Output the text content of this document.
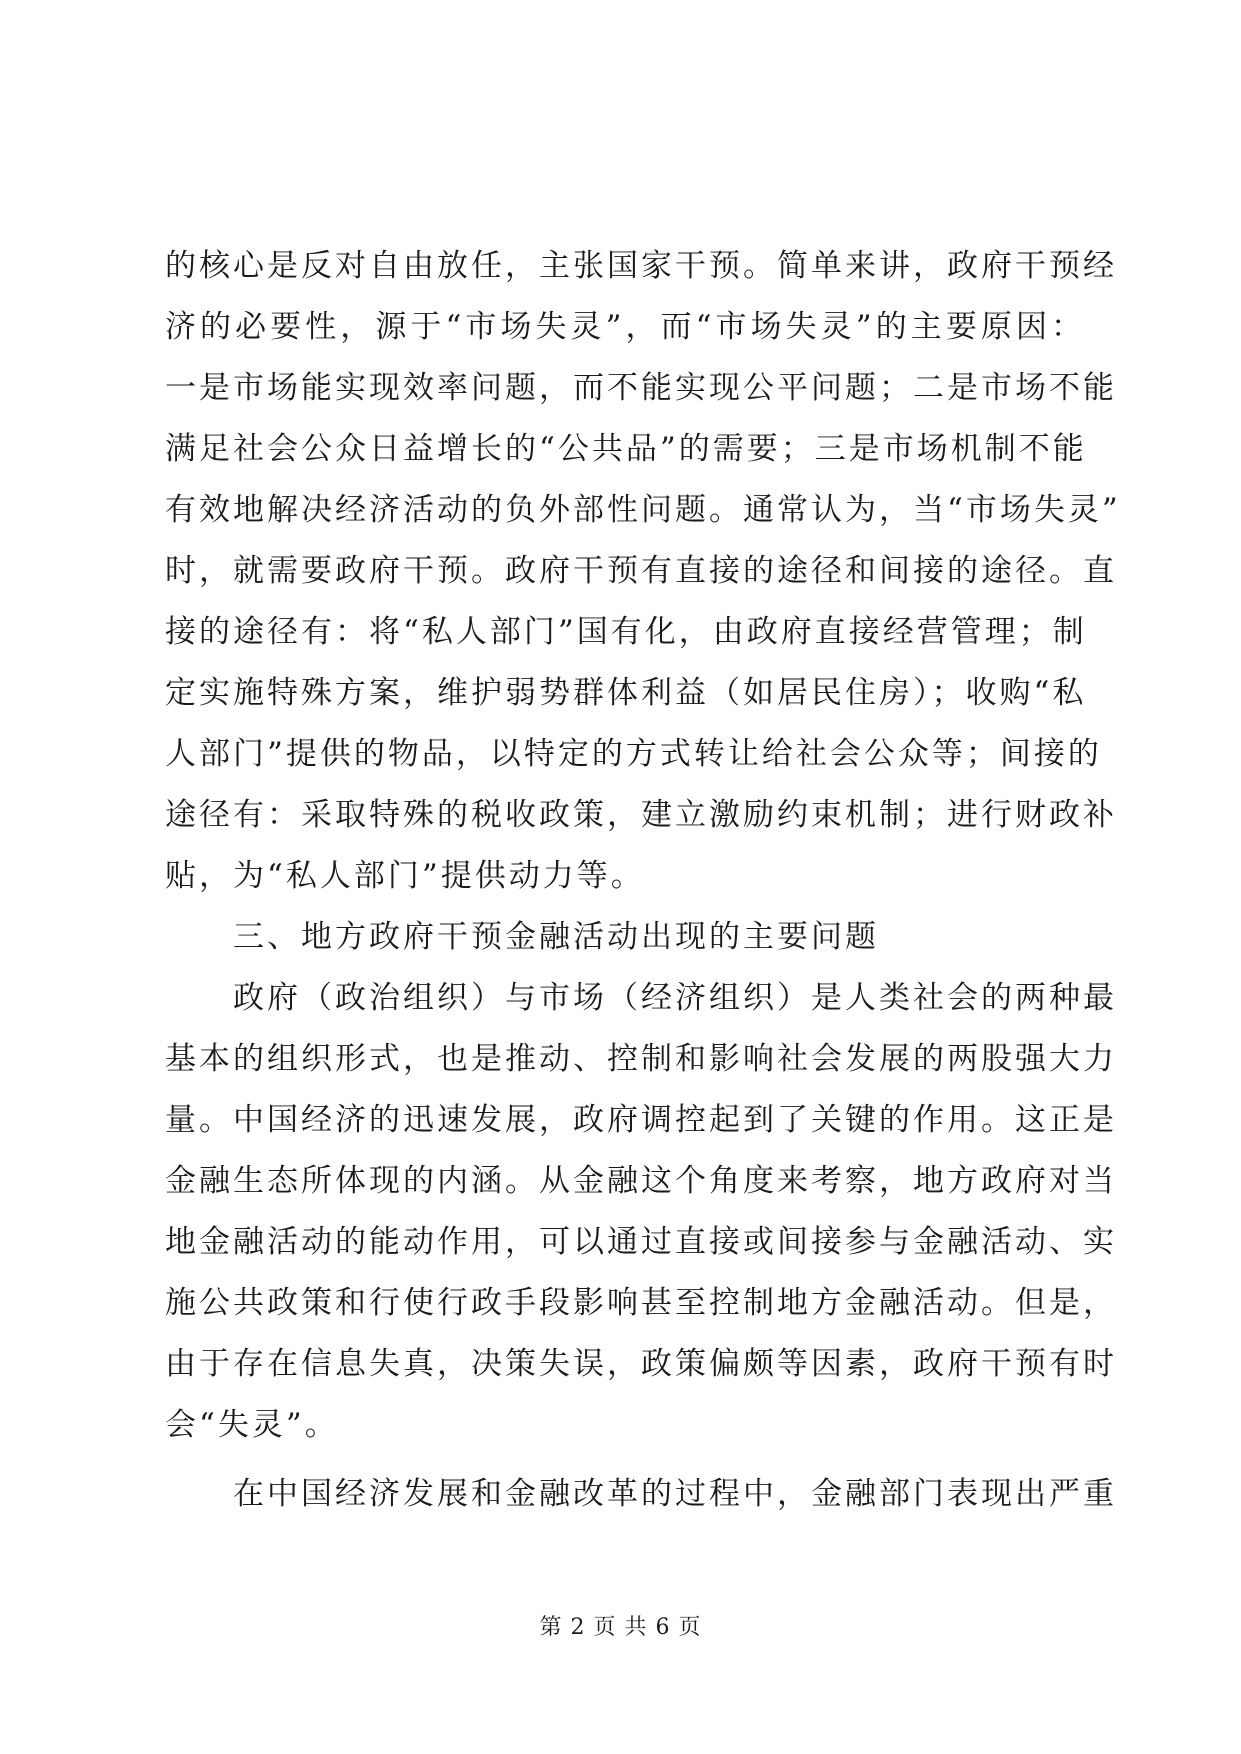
的核心是反对自由放任，主张国家干预。简单来讲，政府干预经
济的必要性，源于“市场失灵”，而“市场失灵”的主要原因：
一是市场能实现效率问题，而不能实现公平问题；二是市场不能
满足社会公众日益增长的“公共品”的需要；三是市场机制不能
有效地解决经济活动的负外部性问题。通常认为，当“市场失灵”
时，就需要政府干预。政府干预有直接的途径和间接的途径。直
接的途径有：将“私人部门”国有化，由政府直接经营管理；制
定实施特殊方案，维护弱势群体利益（如居民住房）；收购“私
人部门”提供的物品，以特定的方式转让给社会公众等；间接的
途径有：采取特殊的税收政策，建立激励约束机制；进行财政补
贴，为“私人部门”提供动力等。
三、地方政府干预金融活动出现的主要问题
政府（政治组织）与市场（经济组织）是人类社会的两种最
基本的组织形式，也是推动、控制和影响社会发展的两股强大力
量。中国经济的迅速发展，政府调控起到了关键的作用。这正是
金融生态所体现的内涵。从金融这个角度来考察，地方政府对当
地金融活动的能动作用，可以通过直接或间接参与金融活动、实
施公共政策和行使行政手段影响甚至控制地方金融活动。但是，
由于存在信息失真，决策失误，政策偏颇等因素，政府干预有时
会“失灵”。
在中国经济发展和金融改革的过程中，金融部门表现出严重
第 2 页 共 6 页
